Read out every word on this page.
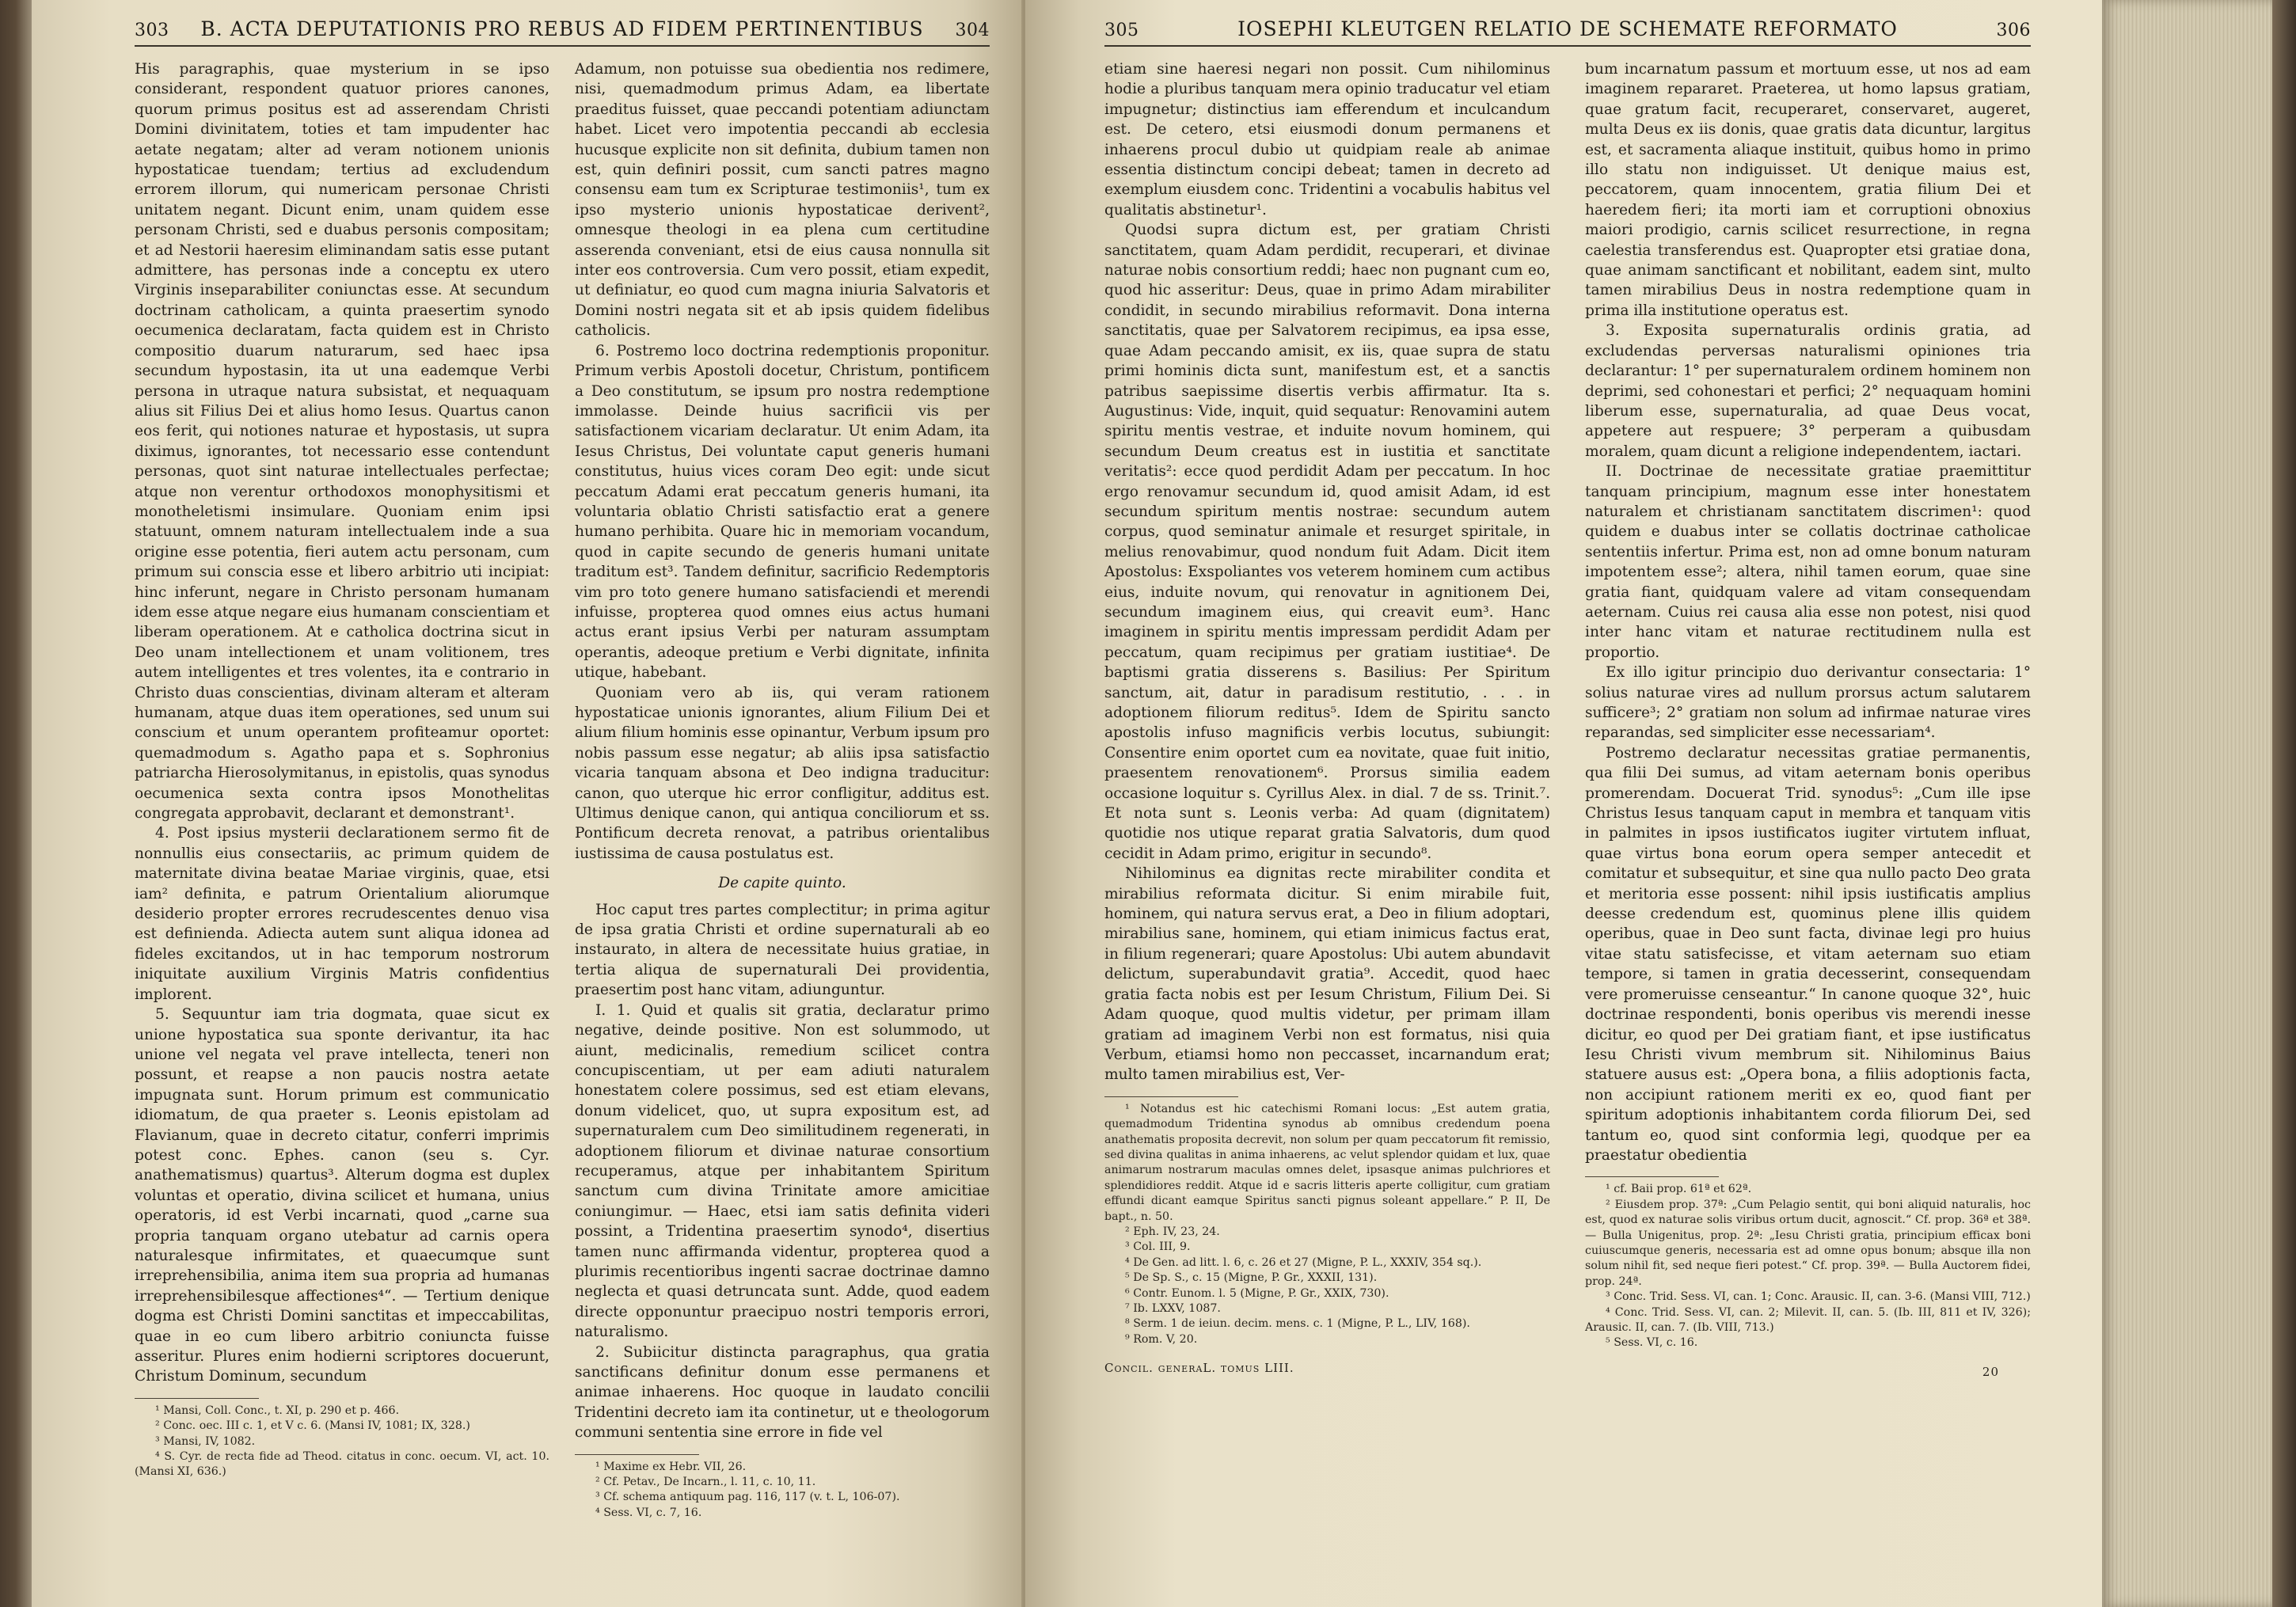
303	B. ACTA DEPUTATIONIS PRO REBUS AD FIDEM PERTINENTIBUS	304

His paragraphis, quae mysterium in se ipso considerant, respondent quatuor priores canones, quorum primus positus est ad asserendam Christi Domini divinitatem, toties et tam impudenter hac aetate negatam; alter ad veram notionem unionis hypostaticae tuendam; tertius ad excludendum errorem illorum, qui numericam personae Christi unitatem negant. Dicunt enim, unam quidem esse personam Christi, sed e duabus personis compositam; et ad Nestorii haeresim eliminandam satis esse putant admittere, has personas inde a conceptu ex utero Virginis inseparabiliter coniunctas esse. At secundum doctrinam catholicam, a quinta praesertim synodo oecumenica declaratam, facta quidem est in Christo compositio duarum naturarum, sed haec ipsa secundum hypostasin, ita ut una eademque Verbi persona in utraque natura subsistat, et nequaquam alius sit Filius Dei et alius homo Iesus. Quartus canon eos ferit, qui notiones naturae et hypostasis, ut supra diximus, ignorantes, tot necessario esse contendunt personas, quot sint naturae intellectuales perfectae; atque non verentur orthodoxos monophysitismi et monotheletismi insimulare. Quoniam enim ipsi statuunt, omnem naturam intellectualem inde a sua origine esse potentia, fieri autem actu personam, cum primum sui conscia esse et libero arbitrio uti incipiat: hinc inferunt, negare in Christo personam humanam idem esse atque negare eius humanam conscientiam et liberam operationem. At e catholica doctrina sicut in Deo unam intellectionem et unam volitionem, tres autem intelligentes et tres volentes, ita e contrario in Christo duas conscientias, divinam alteram et alteram humanam, atque duas item operationes, sed unum sui conscium et unum operantem profiteamur oportet: quemadmodum s. Agatho papa et s. Sophronius patriarcha Hierosolymitanus, in epistolis, quas synodus oecumenica sexta contra ipsos Monothelitas congregata approbavit, declarant et demonstrant¹.

4. Post ipsius mysterii declarationem sermo fit de nonnullis eius consectariis, ac primum quidem de maternitate divina beatae Mariae virginis, quae, etsi iam² definita, e patrum Orientalium aliorumque desiderio propter errores recrudescentes denuo visa est definienda. Adiecta autem sunt aliqua idonea ad fideles excitandos, ut in hac temporum nostrorum iniquitate auxilium Virginis Matris confidentius implorent.

5. Sequuntur iam tria dogmata, quae sicut ex unione hypostatica sua sponte derivantur, ita hac unione vel negata vel prave intellecta, teneri non possunt, et reapse a non paucis nostra aetate impugnata sunt. Horum primum est communicatio idiomatum, de qua praeter s. Leonis epistolam ad Flavianum, quae in decreto citatur, conferri imprimis potest conc. Ephes. canon (seu s. Cyr. anathematismus) quartus³. Alterum dogma est duplex voluntas et operatio, divina scilicet et humana, unius operatoris, id est Verbi incarnati, quod „carne sua propria tanquam organo utebatur ad carnis opera naturalesque infirmitates, et quaecumque sunt irreprehensibilia, anima item sua propria ad humanas irreprehensibilesque affectiones⁴“. — Tertium denique dogma est Christi Domini sanctitas et impeccabilitas, quae in eo cum libero arbitrio coniuncta fuisse asseritur. Plures enim hodierni scriptores docuerunt, Christum Dominum, secundum

¹ Mansi, Coll. Conc., t. XI, p. 290 et p. 466.

² Conc. oec. III c. 1, et V c. 6. (Mansi IV, 1081; IX, 328.)

³ Mansi, IV, 1082.

⁴ S. Cyr. de recta fide ad Theod. citatus in conc. oecum. VI, act. 10. (Mansi XI, 636.)

Adamum, non potuisse sua obedientia nos redimere, nisi, quemadmodum primus Adam, ea libertate praeditus fuisset, quae peccandi potentiam adiunctam habet. Licet vero impotentia peccandi ab ecclesia hucusque explicite non sit definita, dubium tamen non est, quin definiri possit, cum sancti patres magno consensu eam tum ex Scripturae testimoniis¹, tum ex ipso mysterio unionis hypostaticae derivent², omnesque theologi in ea plena cum certitudine asserenda conveniant, etsi de eius causa nonnulla sit inter eos controversia. Cum vero possit, etiam expedit, ut definiatur, eo quod cum magna iniuria Salvatoris et Domini nostri negata sit et ab ipsis quidem fidelibus catholicis.

6. Postremo loco doctrina redemptionis proponitur. Primum verbis Apostoli docetur, Christum, pontificem a Deo constitutum, se ipsum pro nostra redemptione immolasse. Deinde huius sacrificii vis per satisfactionem vicariam declaratur. Ut enim Adam, ita Iesus Christus, Dei voluntate caput generis humani constitutus, huius vices coram Deo egit: unde sicut peccatum Adami erat peccatum generis humani, ita voluntaria oblatio Christi satisfactio erat a genere humano perhibita. Quare hic in memoriam vocandum, quod in capite secundo de generis humani unitate traditum est³. Tandem definitur, sacrificio Redemptoris vim pro toto genere humano satisfaciendi et merendi infuisse, propterea quod omnes eius actus humani actus erant ipsius Verbi per naturam assumptam operantis, adeoque pretium e Verbi dignitate, infinita utique, habebant.

Quoniam vero ab iis, qui veram rationem hypostaticae unionis ignorantes, alium Filium Dei et alium filium hominis esse opinantur, Verbum ipsum pro nobis passum esse negatur; ab aliis ipsa satisfactio vicaria tanquam absona et Deo indigna traducitur: canon, quo uterque hic error confligitur, additus est. Ultimus denique canon, qui antiqua conciliorum et ss. Pontificum decreta renovat, a patribus orientalibus iustissima de causa postulatus est.

De capite quinto.

Hoc caput tres partes complectitur; in prima agitur de ipsa gratia Christi et ordine supernaturali ab eo instaurato, in altera de necessitate huius gratiae, in tertia aliqua de supernaturali Dei providentia, praesertim post hanc vitam, adiunguntur.

I. 1. Quid et qualis sit gratia, declaratur primo negative, deinde positive. Non est solummodo, ut aiunt, medicinalis, remedium scilicet contra concupiscentiam, ut per eam adiuti naturalem honestatem colere possimus, sed est etiam elevans, donum videlicet, quo, ut supra expositum est, ad supernaturalem cum Deo similitudinem regenerati, in adoptionem filiorum et divinae naturae consortium recuperamus, atque per inhabitantem Spiritum sanctum cum divina Trinitate amore amicitiae coniungimur. — Haec, etsi iam satis definita videri possint, a Tridentina praesertim synodo⁴, disertius tamen nunc affirmanda videntur, propterea quod a plurimis recentioribus ingenti sacrae doctrinae damno neglecta et quasi detruncata sunt. Adde, quod eadem directe opponuntur praecipuo nostri temporis errori, naturalismo.

2. Subiicitur distincta paragraphus, qua gratia sanctificans definitur donum esse permanens et animae inhaerens. Hoc quoque in laudato concilii Tridentini decreto iam ita continetur, ut e theologorum communi sententia sine errore in fide vel

¹ Maxime ex Hebr. VII, 26.

² Cf. Petav., De Incarn., l. 11, c. 10, 11.

³ Cf. schema antiquum pag. 116, 117 (v. t. L, 106-07).

⁴ Sess. VI, c. 7, 16.

305	IOSEPHI KLEUTGEN RELATIO DE SCHEMATE REFORMATO	306

etiam sine haeresi negari non possit. Cum nihilominus hodie a pluribus tanquam mera opinio traducatur vel etiam impugnetur; distinctius iam efferendum et inculcandum est. De cetero, etsi eiusmodi donum permanens et inhaerens procul dubio ut quidpiam reale ab animae essentia distinctum concipi debeat; tamen in decreto ad exemplum eiusdem conc. Tridentini a vocabulis habitus vel qualitatis abstinetur¹.

Quodsi supra dictum est, per gratiam Christi sanctitatem, quam Adam perdidit, recuperari, et divinae naturae nobis consortium reddi; haec non pugnant cum eo, quod hic asseritur: Deus, quae in primo Adam mirabiliter condidit, in secundo mirabilius reformavit. Dona interna sanctitatis, quae per Salvatorem recipimus, ea ipsa esse, quae Adam peccando amisit, ex iis, quae supra de statu primi hominis dicta sunt, manifestum est, et a sanctis patribus saepissime disertis verbis affirmatur. Ita s. Augustinus: Vide, inquit, quid sequatur: Renovamini autem spiritu mentis vestrae, et induite novum hominem, qui secundum Deum creatus est in iustitia et sanctitate veritatis²: ecce quod perdidit Adam per peccatum. In hoc ergo renovamur secundum id, quod amisit Adam, id est secundum spiritum mentis nostrae: secundum autem corpus, quod seminatur animale et resurget spiritale, in melius renovabimur, quod nondum fuit Adam. Dicit item Apostolus: Exspoliantes vos veterem hominem cum actibus eius, induite novum, qui renovatur in agnitionem Dei, secundum imaginem eius, qui creavit eum³. Hanc imaginem in spiritu mentis impressam perdidit Adam per peccatum, quam recipimus per gratiam iustitiae⁴. De baptismi gratia disserens s. Basilius: Per Spiritum sanctum, ait, datur in paradisum restitutio, . . . in adoptionem filiorum reditus⁵. Idem de Spiritu sancto apostolis infuso magnificis verbis locutus, subiungit: Consentire enim oportet cum ea novitate, quae fuit initio, praesentem renovationem⁶. Prorsus similia eadem occasione loquitur s. Cyrillus Alex. in dial. 7 de ss. Trinit.⁷. Et nota sunt s. Leonis verba: Ad quam (dignitatem) quotidie nos utique reparat gratia Salvatoris, dum quod cecidit in Adam primo, erigitur in secundo⁸.

Nihilominus ea dignitas recte mirabiliter condita et mirabilius reformata dicitur. Si enim mirabile fuit, hominem, qui natura servus erat, a Deo in filium adoptari, mirabilius sane, hominem, qui etiam inimicus factus erat, in filium regenerari; quare Apostolus: Ubi autem abundavit delictum, superabundavit gratia⁹. Accedit, quod haec gratia facta nobis est per Iesum Christum, Filium Dei. Si Adam quoque, quod multis videtur, per primam illam gratiam ad imaginem Verbi non est formatus, nisi quia Verbum, etiamsi homo non peccasset, incarnandum erat; multo tamen mirabilius est, Ver-

¹ Notandus est hic catechismi Romani locus: „Est autem gratia, quemadmodum Tridentina synodus ab omnibus credendum poena anathematis proposita decrevit, non solum per quam peccatorum fit remissio, sed divina qualitas in anima inhaerens, ac velut splendor quidam et lux, quae animarum nostrarum maculas omnes delet, ipsasque animas pulchriores et splendidiores reddit. Atque id e sacris litteris aperte colligitur, cum gratiam effundi dicant eamque Spiritus sancti pignus soleant appellare.“ P. II, De bapt., n. 50.

² Eph. IV, 23, 24.

³ Col. III, 9.

⁴ De Gen. ad litt. l. 6, c. 26 et 27 (Migne, P. L., XXXIV, 354 sq.).

⁵ De Sp. S., c. 15 (Migne, P. Gr., XXXII, 131).

⁶ Contr. Eunom. l. 5 (Migne, P. Gr., XXIX, 730).

⁷ Ib. LXXV, 1087.

⁸ Serm. 1 de ieiun. decim. mens. c. 1 (Migne, P. L., LIV, 168).

⁹ Rom. V, 20.

Concil. generaL. tomus LIII.

bum incarnatum passum et mortuum esse, ut nos ad eam imaginem repararet. Praeterea, ut homo lapsus gratiam, quae gratum facit, recuperaret, conservaret, augeret, multa Deus ex iis donis, quae gratis data dicuntur, largitus est, et sacramenta aliaque instituit, quibus homo in primo illo statu non indiguisset. Ut denique maius est, peccatorem, quam innocentem, gratia filium Dei et haeredem fieri; ita morti iam et corruptioni obnoxius maiori prodigio, carnis scilicet resurrectione, in regna caelestia transferendus est. Quapropter etsi gratiae dona, quae animam sanctificant et nobilitant, eadem sint, multo tamen mirabilius Deus in nostra redemptione quam in prima illa institutione operatus est.

3. Exposita supernaturalis ordinis gratia, ad excludendas perversas naturalismi opiniones tria declarantur: 1° per supernaturalem ordinem hominem non deprimi, sed cohonestari et perfici; 2° nequaquam homini liberum esse, supernaturalia, ad quae Deus vocat, appetere aut respuere; 3° perperam a quibusdam moralem, quam dicunt a religione independentem, iactari.

II. Doctrinae de necessitate gratiae praemittitur tanquam principium, magnum esse inter honestatem naturalem et christianam sanctitatem discrimen¹: quod quidem e duabus inter se collatis doctrinae catholicae sententiis infertur. Prima est, non ad omne bonum naturam impotentem esse²; altera, nihil tamen eorum, quae sine gratia fiant, quidquam valere ad vitam consequendam aeternam. Cuius rei causa alia esse non potest, nisi quod inter hanc vitam et naturae rectitudinem nulla est proportio.

Ex illo igitur principio duo derivantur consectaria: 1° solius naturae vires ad nullum prorsus actum salutarem sufficere³; 2° gratiam non solum ad infirmae naturae vires reparandas, sed simpliciter esse necessariam⁴.

Postremo declaratur necessitas gratiae permanentis, qua filii Dei sumus, ad vitam aeternam bonis operibus promerendam. Docuerat Trid. synodus⁵: „Cum ille ipse Christus Iesus tanquam caput in membra et tanquam vitis in palmites in ipsos iustificatos iugiter virtutem influat, quae virtus bona eorum opera semper antecedit et comitatur et subsequitur, et sine qua nullo pacto Deo grata et meritoria esse possent: nihil ipsis iustificatis amplius deesse credendum est, quominus plene illis quidem operibus, quae in Deo sunt facta, divinae legi pro huius vitae statu satisfecisse, et vitam aeternam suo etiam tempore, si tamen in gratia decesserint, consequendam vere promeruisse censeantur.“ In canone quoque 32°, huic doctrinae respondenti, bonis operibus vis merendi inesse dicitur, eo quod per Dei gratiam fiant, et ipse iustificatus Iesu Christi vivum membrum sit. Nihilominus Baius statuere ausus est: „Opera bona, a filiis adoptionis facta, non accipiunt rationem meriti ex eo, quod fiant per spiritum adoptionis inhabitantem corda filiorum Dei, sed tantum eo, quod sint conformia legi, quodque per ea praestatur obedientia

¹ cf. Baii prop. 61ª et 62ª.

² Eiusdem prop. 37ª: „Cum Pelagio sentit, qui boni aliquid naturalis, hoc est, quod ex naturae solis viribus ortum ducit, agnoscit.“ Cf. prop. 36ª et 38ª. — Bulla Unigenitus, prop. 2ª: „Iesu Christi gratia, principium efficax boni cuiuscumque generis, necessaria est ad omne opus bonum; absque illa non solum nihil fit, sed neque fieri potest.“ Cf. prop. 39ª. — Bulla Auctorem fidei, prop. 24ª.

³ Conc. Trid. Sess. VI, can. 1; Conc. Arausic. II, can. 3-6. (Mansi VIII, 712.)

⁴ Conc. Trid. Sess. VI, can. 2; Milevit. II, can. 5. (Ib. III, 811 et IV, 326); Arausic. II, can. 7. (Ib. VIII, 713.)

⁵ Sess. VI, c. 16.

20
